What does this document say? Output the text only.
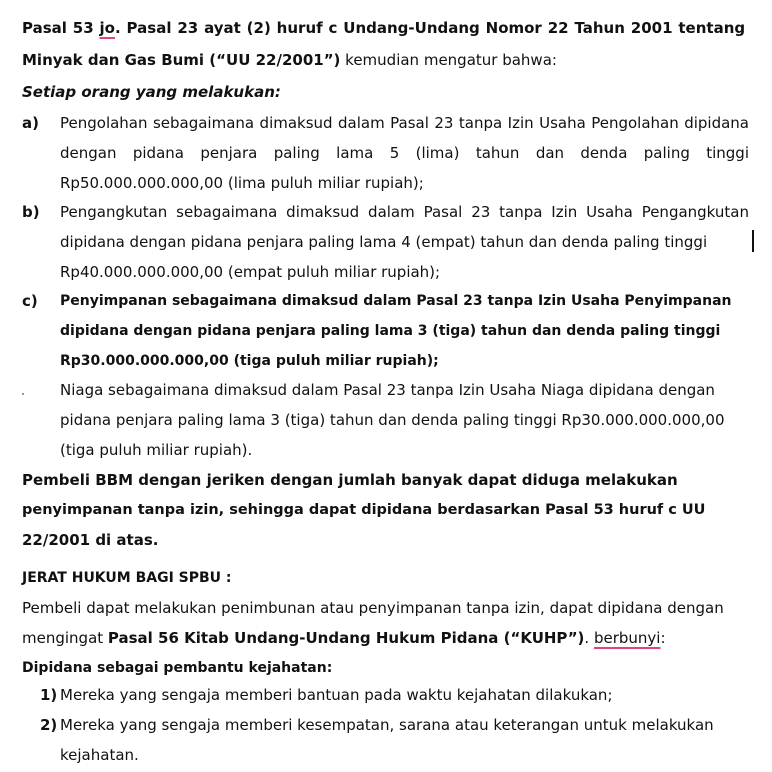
Pasal 53 jo. Pasal 23 ayat (2) huruf c Undang-Undang Nomor 22 Tahun 2001 tentang
Minyak dan Gas Bumi (“UU 22/2001”) kemudian mengatur bahwa:
Setiap orang yang melakukan:
a) Pengolahan sebagaimana dimaksud dalam Pasal 23 tanpa Izin Usaha Pengolahan dipidana
dengan pidana penjara paling lama 5 (lima) tahun dan denda paling tinggi
Rp50.000.000.000,00 (lima puluh miliar rupiah);
b) Pengangkutan sebagaimana dimaksud dalam Pasal 23 tanpa Izin Usaha Pengangkutan
dipidana dengan pidana penjara paling lama 4 (empat) tahun dan denda paling tinggi
Rp40.000.000.000,00 (empat puluh miliar rupiah);
c) Penyimpanan sebagaimana dimaksud dalam Pasal 23 tanpa Izin Usaha Penyimpanan
dipidana dengan pidana penjara paling lama 3 (tiga) tahun dan denda paling tinggi
Rp30.000.000.000,00 (tiga puluh miliar rupiah);
Niaga sebagaimana dimaksud dalam Pasal 23 tanpa Izin Usaha Niaga dipidana dengan
pidana penjara paling lama 3 (tiga) tahun dan denda paling tinggi Rp30.000.000.000,00
(tiga puluh miliar rupiah).
Pembeli BBM dengan jeriken dengan jumlah banyak dapat diduga melakukan
penyimpanan tanpa izin, sehingga dapat dipidana berdasarkan Pasal 53 huruf c UU
22/2001 di atas.
JERAT HUKUM BAGI SPBU :
Pembeli dapat melakukan penimbunan atau penyimpanan tanpa izin, dapat dipidana dengan
mengingat Pasal 56 Kitab Undang-Undang Hukum Pidana (“KUHP”). berbunyi:
Dipidana sebagai pembantu kejahatan:
1) Mereka yang sengaja memberi bantuan pada waktu kejahatan dilakukan;
2) Mereka yang sengaja memberi kesempatan, sarana atau keterangan untuk melakukan
kejahatan.
